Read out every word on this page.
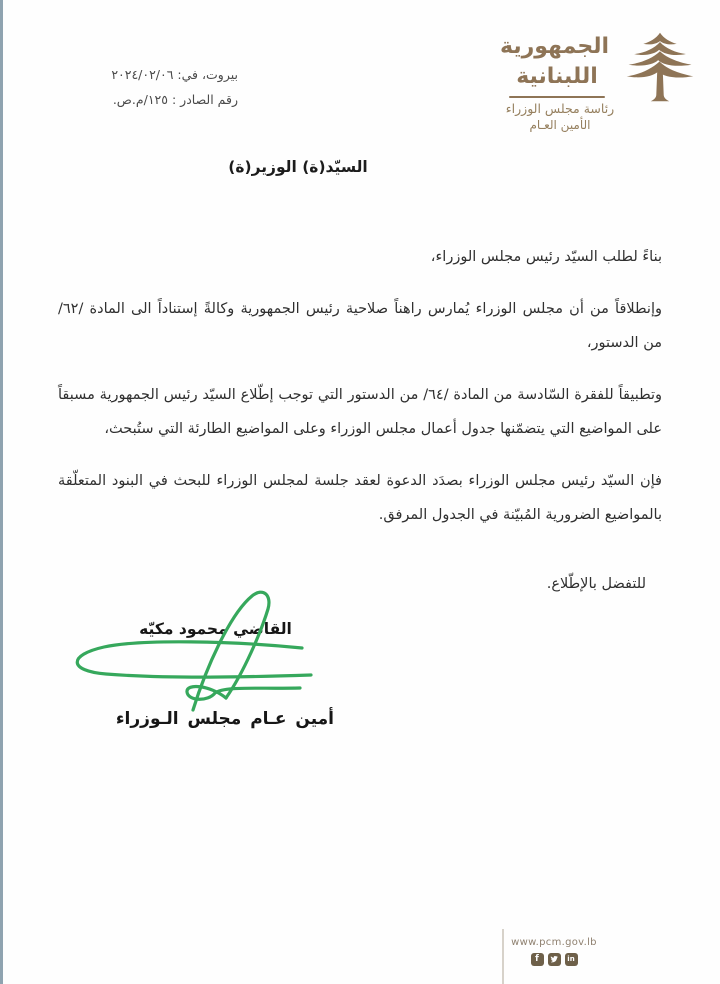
بيروت، في: ٢٠٢٤/٠٢/٠٦
رقم الصادر : ١٢٥/م.ص.
الجمهورية
اللبنانية
رئاسة مجلس الوزراء
الأمين العـام
السيّد(ة) الوزير(ة)

بناءً لطلب السيّد رئيس مجلس الوزراء،

وإنطلاقاً من أن مجلس الوزراء يُمارس راهناً صلاحية رئيس الجمهورية وكالةً إستناداً الى المادة /٦٢/ من الدستور،

وتطبيقاً للفقرة السّادسة من المادة /٦٤/ من الدستور التي توجب إطّلاع السيّد رئيس الجمهورية مسبقاً على المواضيع التي يتضمّنها جدول أعمال مجلس الوزراء وعلى المواضيع الطارئة التي ستُبحث،

فإن السيّد رئيس مجلس الوزراء بصدَد الدعوة لعقد جلسة لمجلس الوزراء للبحث في البنود المتعلّقة بالمواضيع الضرورية المُبيّنة في الجدول المرفق.

للتفضل بالإطّلاع.
القاضي محمود مكيّه
أمين عـام مجلس الـوزراء
www.pcm.gov.lb
f	in
